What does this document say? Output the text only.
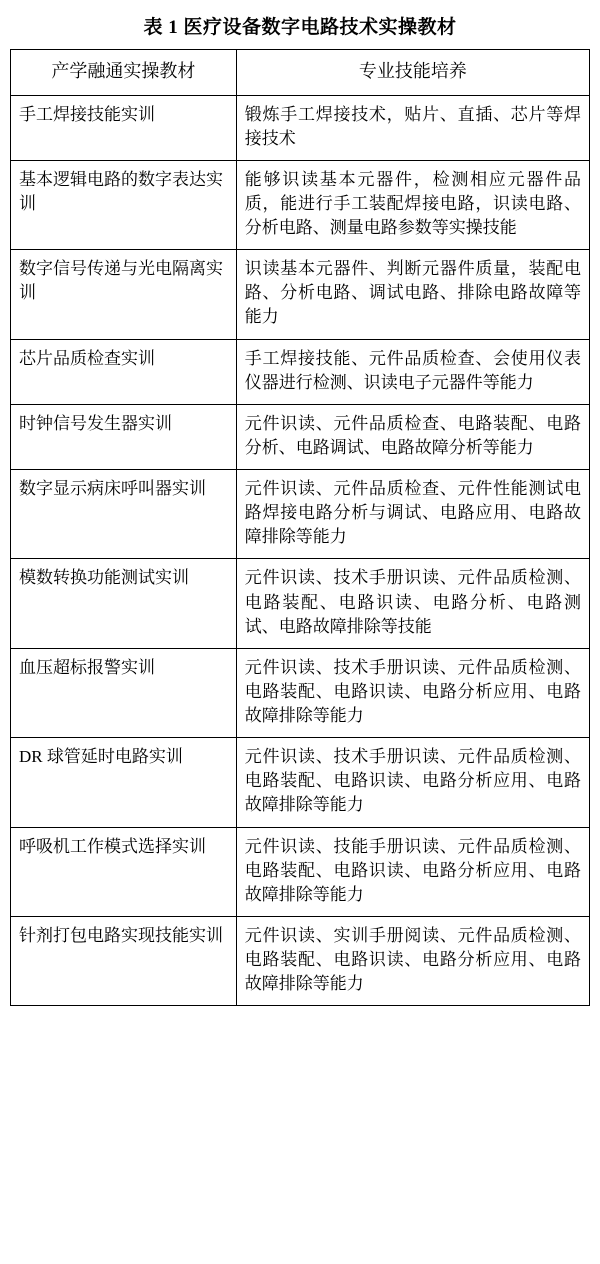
表 1 医疗设备数字电路技术实操教材
产学融通实操教材	专业技能培养
手工焊接技能实训	锻炼手工焊接技术，贴片、直插、芯片等焊接技术
基本逻辑电路的数字表达实训	能够识读基本元器件，检测相应元器件品质，能进行手工装配焊接电路，识读电路、分析电路、测量电路参数等实操技能
数字信号传递与光电隔离实训	识读基本元器件、判断元器件质量，装配电路、分析电路、调试电路、排除电路故障等能力
芯片品质检查实训	手工焊接技能、元件品质检查、会使用仪表仪器进行检测、识读电子元器件等能力
时钟信号发生器实训	元件识读、元件品质检查、电路装配、电路分析、电路调试、电路故障分析等能力
数字显示病床呼叫器实训	元件识读、元件品质检查、元件性能测试电路焊接电路分析与调试、电路应用、电路故障排除等能力
模数转换功能测试实训	元件识读、技术手册识读、元件品质检测、电路装配、电路识读、电路分析、电路测试、电路故障排除等技能
血压超标报警实训	元件识读、技术手册识读、元件品质检测、电路装配、电路识读、电路分析应用、电路故障排除等能力
DR 球管延时电路实训	元件识读、技术手册识读、元件品质检测、电路装配、电路识读、电路分析应用、电路故障排除等能力
呼吸机工作模式选择实训	元件识读、技能手册识读、元件品质检测、电路装配、电路识读、电路分析应用、电路故障排除等能力
针剂打包电路实现技能实训	元件识读、实训手册阅读、元件品质检测、电路装配、电路识读、电路分析应用、电路故障排除等能力
